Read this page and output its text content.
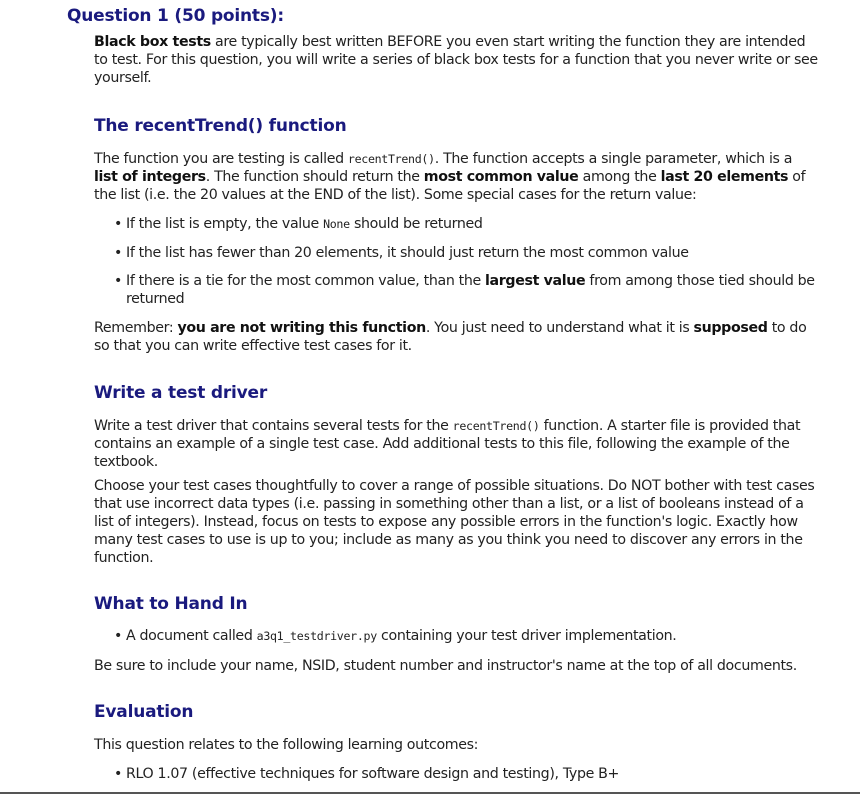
Question 1 (50 points):

Black box tests are typically best written BEFORE you even start writing the function they are intended to test. For this question, you will write a series of black box tests for a function that you never write or see yourself.

The recentTrend() function

The function you are testing is called recentTrend(). The function accepts a single parameter, which is a list of integers. The function should return the most common value among the last 20 elements of the list (i.e. the 20 values at the END of the list). Some special cases for the return value:

• If the list is empty, the value None should be returned
• If the list has fewer than 20 elements, it should just return the most common value
• If there is a tie for the most common value, than the largest value from among those tied should be returned

Remember: you are not writing this function. You just need to understand what it is supposed to do so that you can write effective test cases for it.

Write a test driver

Write a test driver that contains several tests for the recentTrend() function. A starter file is provided that contains an example of a single test case. Add additional tests to this file, following the example of the textbook.

Choose your test cases thoughtfully to cover a range of possible situations. Do NOT bother with test cases that use incorrect data types (i.e. passing in something other than a list, or a list of booleans instead of a list of integers). Instead, focus on tests to expose any possible errors in the function's logic. Exactly how many test cases to use is up to you; include as many as you think you need to discover any errors in the function.

What to Hand In
• A document called a3q1_testdriver.py containing your test driver implementation.

Be sure to include your name, NSID, student number and instructor's name at the top of all documents.

Evaluation

This question relates to the following learning outcomes:

• RLO 1.07 (effective techniques for software design and testing), Type B+
